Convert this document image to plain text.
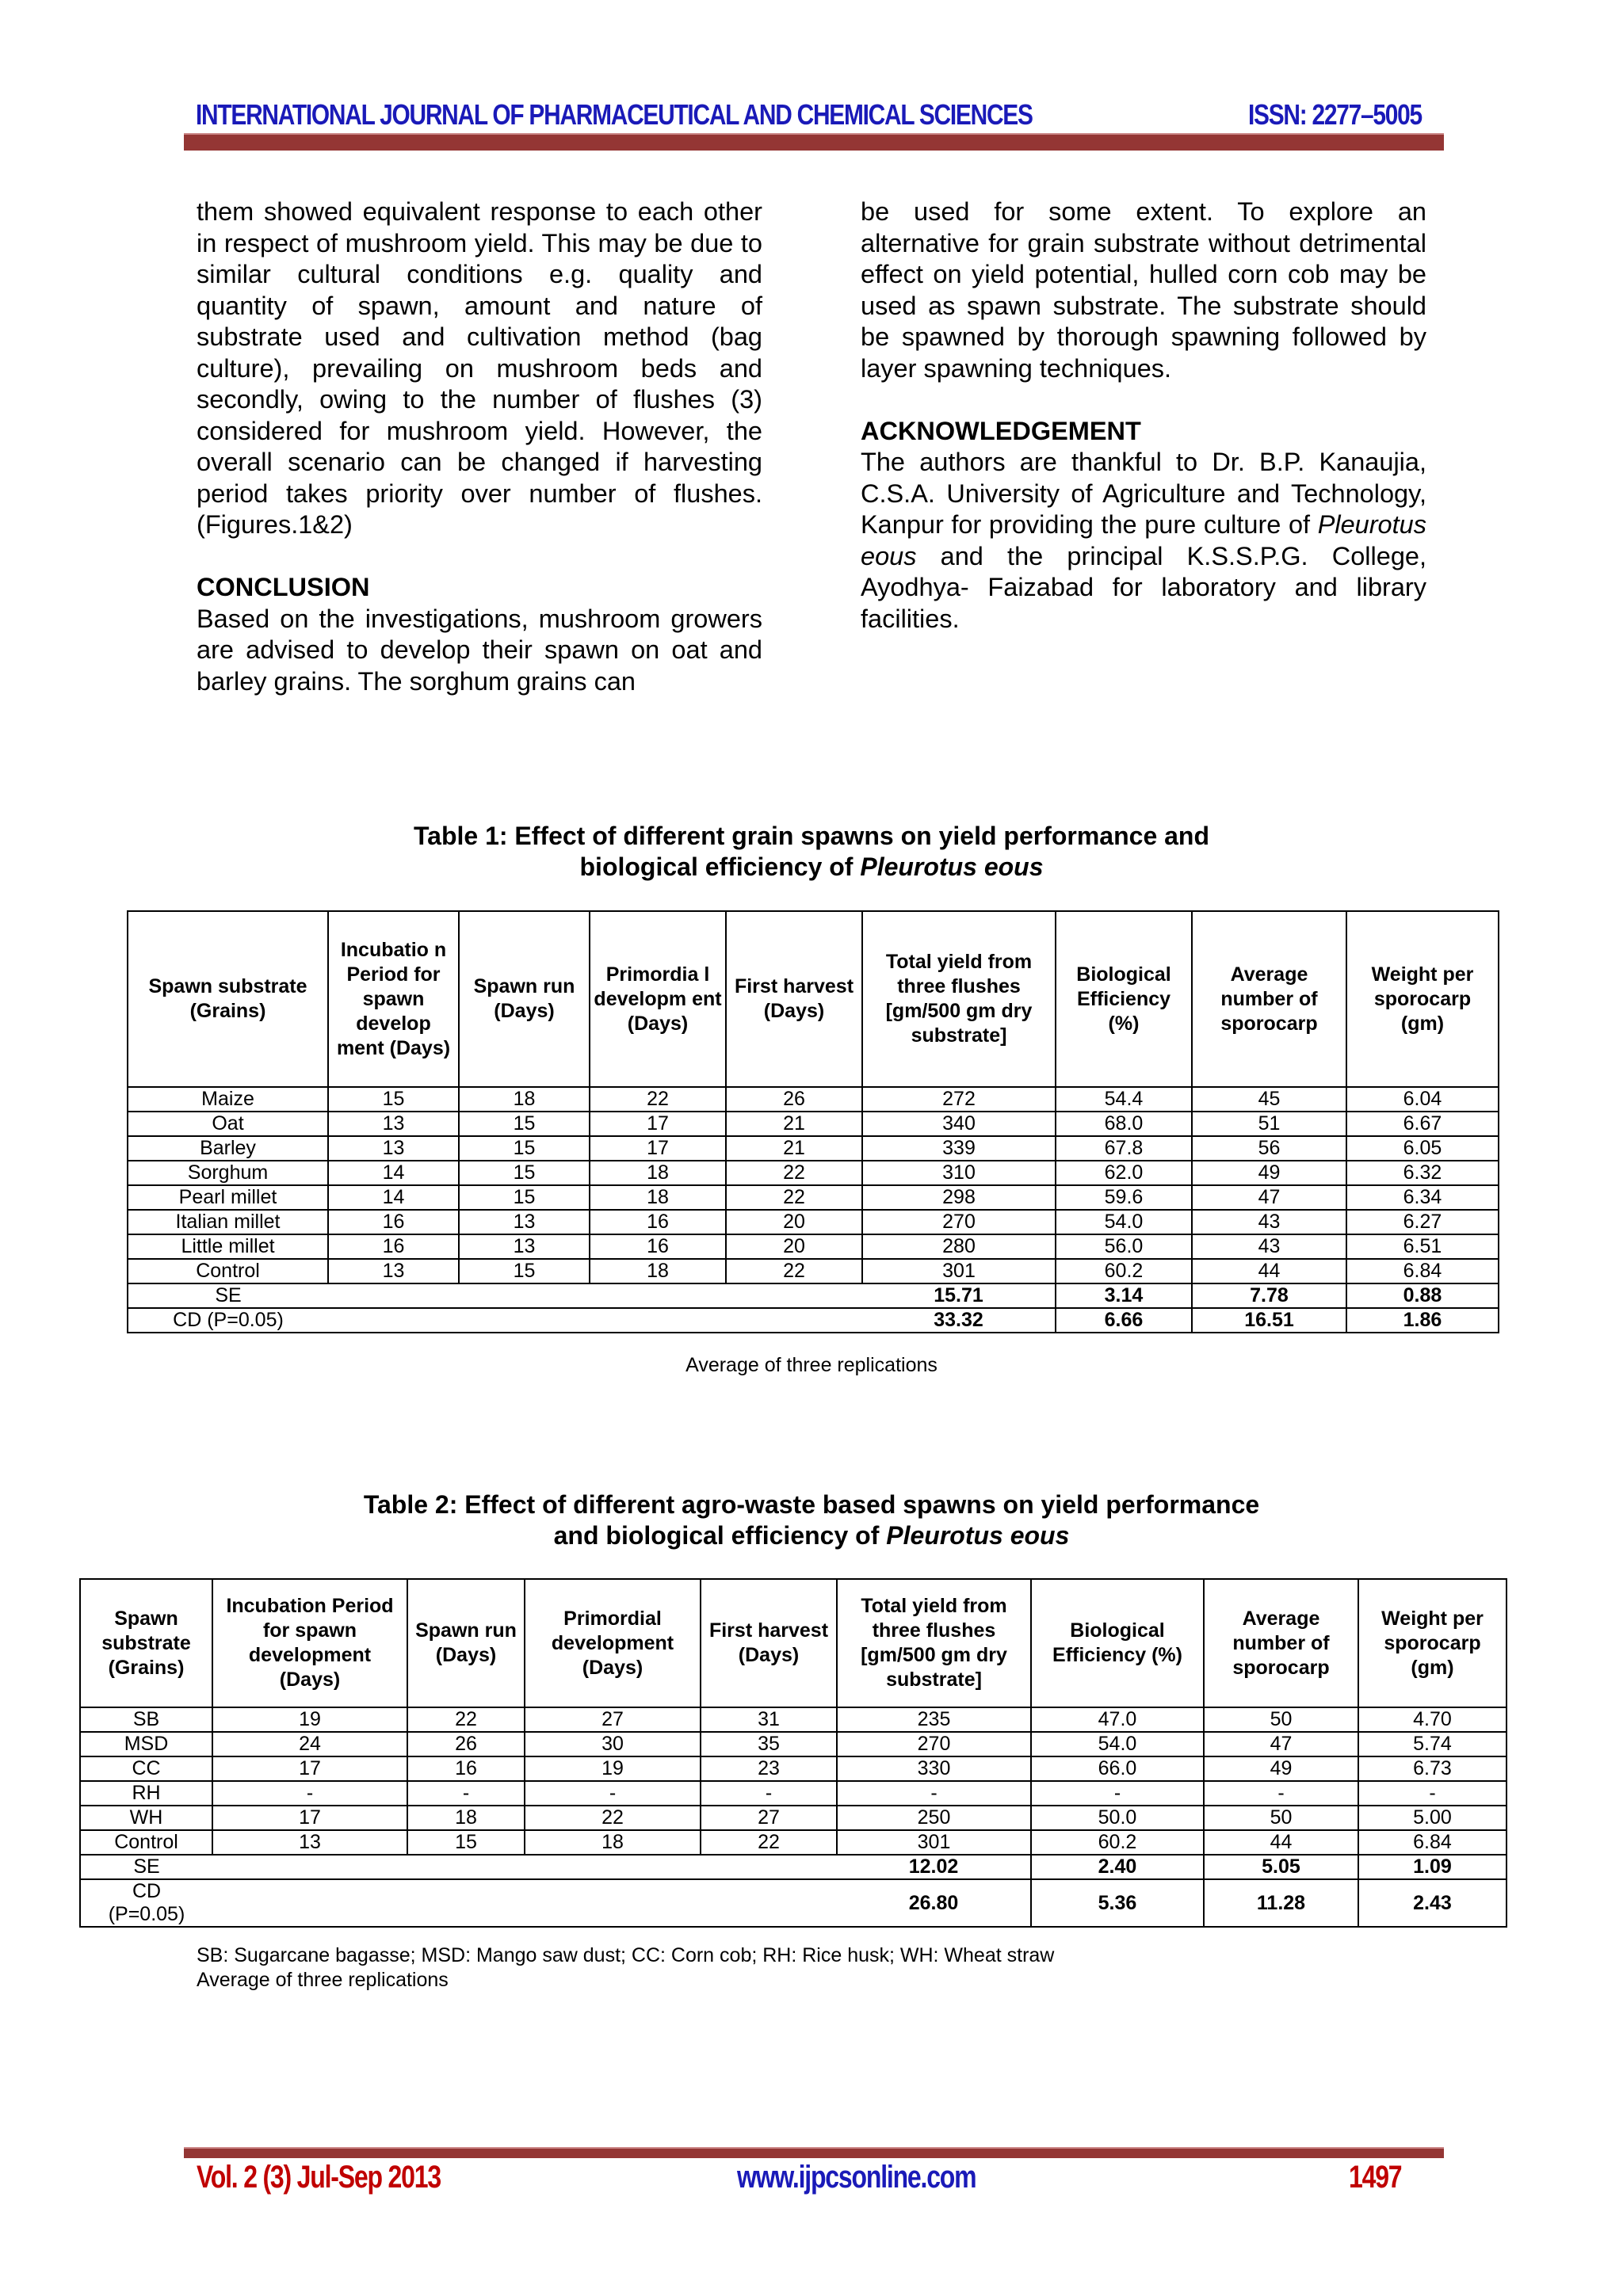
INTERNATIONAL JOURNAL OF PHARMACEUTICAL AND CHEMICAL SCIENCES	ISSN: 2277–5005

them showed equivalent response to each other in respect of mushroom yield. This may be due to similar cultural conditions e.g. quality and quantity of spawn, amount and nature of substrate used and cultivation method (bag culture), prevailing on mushroom beds and secondly, owing to the number of flushes (3) considered for mushroom yield. However, the overall scenario can be changed if harvesting period takes priority over number of flushes. (Figures.1&2)

CONCLUSION

Based on the investigations, mushroom growers are advised to develop their spawn on oat and barley grains. The sorghum grains can

be used for some extent. To explore an alternative for grain substrate without detrimental effect on yield potential, hulled corn cob may be used as spawn substrate. The substrate should be spawned by thorough spawning followed by layer spawning techniques.

ACKNOWLEDGEMENT

The authors are thankful to Dr. B.P. Kanaujia, C.S.A. University of Agriculture and Technology, Kanpur for providing the pure culture of Pleurotus eous and the principal K.S.S.P.G. College, Ayodhya- Faizabad for laboratory and library facilities.

Table 1: Effect of different grain spawns on yield performance and
biological efficiency of Pleurotus eous
Spawn substrate (Grains)	Incubatio n Period for spawn develop ment (Days)	Spawn run (Days)	Primordia l developm ent (Days)	First harvest (Days)	Total yield from three flushes [gm/500 gm dry substrate]	Biological Efficiency (%)	Average number of sporocarp	Weight per sporocarp (gm)
Maize	15	18	22	26	272	54.4	45	6.04
Oat	13	15	17	21	340	68.0	51	6.67
Barley	13	15	17	21	339	67.8	56	6.05
Sorghum	14	15	18	22	310	62.0	49	6.32
Pearl millet	14	15	18	22	298	59.6	47	6.34
Italian millet	16	13	16	20	270	54.0	43	6.27
Little millet	16	13	16	20	280	56.0	43	6.51
Control	13	15	18	22	301	60.2	44	6.84
SE					15.71	3.14	7.78	0.88
CD (P=0.05)					33.32	6.66	16.51	1.86
Average of three replications
Table 2: Effect of different agro-waste based spawns on yield performance
and biological efficiency of Pleurotus eous
Spawn substrate (Grains)	Incubation Period for spawn development (Days)	Spawn run (Days)	Primordial development (Days)	First harvest (Days)	Total yield from three flushes [gm/500 gm dry substrate]	Biological Efficiency (%)	Average number of sporocarp	Weight per sporocarp (gm)
SB	19	22	27	31	235	47.0	50	4.70
MSD	24	26	30	35	270	54.0	47	5.74
CC	17	16	19	23	330	66.0	49	6.73
RH	-	-	-	-	-	-	-	-
WH	17	18	22	27	250	50.0	50	5.00
Control	13	15	18	22	301	60.2	44	6.84
SE					12.02	2.40	5.05	1.09

CD
(P=0.05)					26.80	5.36	11.28	2.43
SB: Sugarcane bagasse; MSD: Mango saw dust; CC: Corn cob; RH: Rice husk; WH: Wheat straw
Average of three replications
Vol. 2 (3) Jul-Sep 2013	www.ijpcsonline.com	1497
